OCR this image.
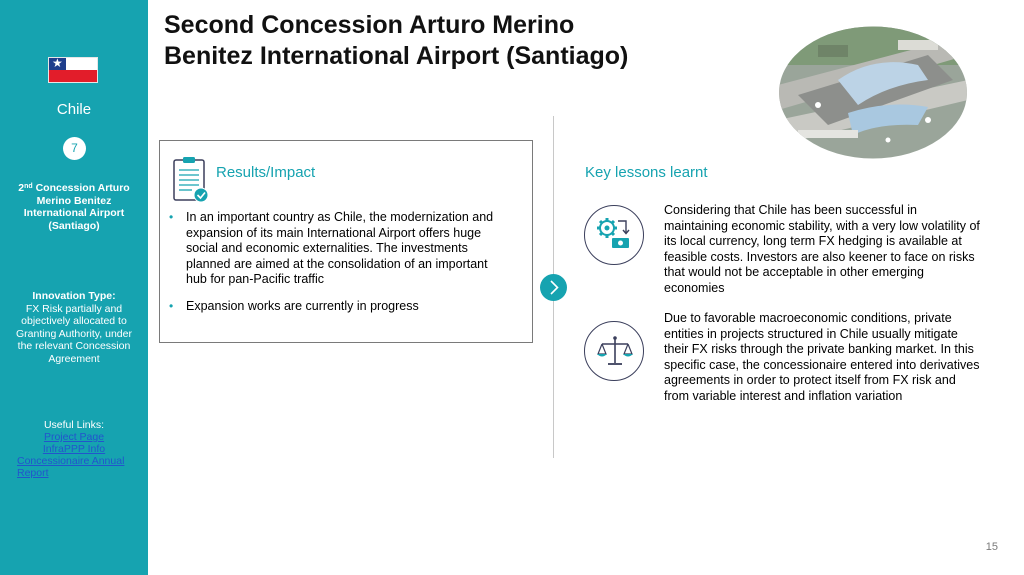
★
Chile
7
2nd Concession Arturo Merino Benitez International Airport (Santiago)
Innovation Type:
FX Risk partially and objectively allocated to Granting Authority, under the relevant Concession Agreement
Useful Links:
Project Page
InfraPPP Info
Concessionaire Annual Report
Second Concession Arturo Merino
Benitez International Airport (Santiago)
Results/Impact
• In an important country as Chile, the modernization and expansion of its main International Airport offers huge social and economic externalities. The investments planned are aimed at the consolidation of an important hub for pan-Pacific traffic
• Expansion works are currently in progress
Key lessons learnt
Considering that Chile has been successful in maintaining economic stability, with a very low volatility of its local currency, long term FX hedging is available at feasible costs. Investors are also keener to face on risks that would not be acceptable in other emerging economies
Due to favorable macroeconomic conditions, private entities in projects structured in Chile usually mitigate their FX risks through the private banking market. In this specific case, the concessionaire entered into derivatives agreements in order to protect itself from FX risk and from variable interest and inflation variation
15
